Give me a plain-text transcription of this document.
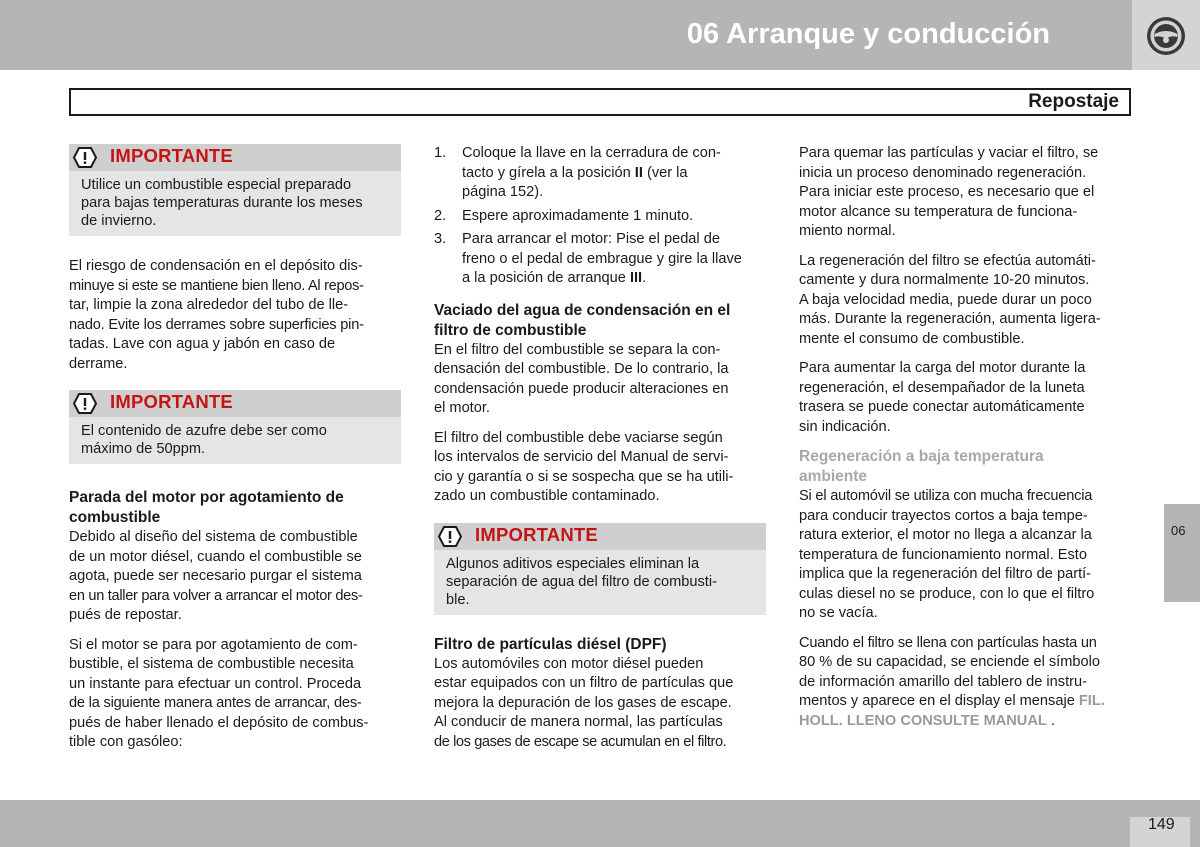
06 Arranque y conducción
Repostaje
IMPORTANTE
Utilice un combustible especial preparado
para bajas temperaturas durante los meses
de invierno.

El riesgo de condensación en el depósito dis-
minuye si este se mantiene bien lleno. Al repos-
tar, limpie la zona alrededor del tubo de lle-
nado. Evite los derrames sobre superficies pin-
tadas. Lave con agua y jabón en caso de
derrame.

IMPORTANTE
El contenido de azufre debe ser como
máximo de 50ppm.
Parada del motor por agotamiento de
combustible

Debido al diseño del sistema de combustible
de un motor diésel, cuando el combustible se
agota, puede ser necesario purgar el sistema
en un taller para volver a arrancar el motor des-
pués de repostar.

Si el motor se para por agotamiento de com-
bustible, el sistema de combustible necesita
un instante para efectuar un control. Proceda
de la siguiente manera antes de arrancar, des-
pués de haber llenado el depósito de combus-
tible con gasóleo:

1. Coloque la llave en la cerradura de con-
tacto y gírela a la posición II (ver la
página 152).
2. Espere aproximadamente 1 minuto.
3. Para arrancar el motor: Pise el pedal de
freno o el pedal de embrague y gire la llave
a la posición de arranque III.
Vaciado del agua de condensación en el
filtro de combustible

En el filtro del combustible se separa la con-
densación del combustible. De lo contrario, la
condensación puede producir alteraciones en
el motor.

El filtro del combustible debe vaciarse según
los intervalos de servicio del Manual de servi-
cio y garantía o si se sospecha que se ha utili-
zado un combustible contaminado.

IMPORTANTE
Algunos aditivos especiales eliminan la
separación de agua del filtro de combusti-
ble.
Filtro de partículas diésel (DPF)

Los automóviles con motor diésel pueden
estar equipados con un filtro de partículas que
mejora la depuración de los gases de escape.
Al conducir de manera normal, las partículas
de los gases de escape se acumulan en el filtro.

Para quemar las partículas y vaciar el filtro, se
inicia un proceso denominado regeneración.
Para iniciar este proceso, es necesario que el
motor alcance su temperatura de funciona-
miento normal.

La regeneración del filtro se efectúa automáti-
camente y dura normalmente 10-20 minutos.
A baja velocidad media, puede durar un poco
más. Durante la regeneración, aumenta ligera-
mente el consumo de combustible.

Para aumentar la carga del motor durante la
regeneración, el desempañador de la luneta
trasera se puede conectar automáticamente
sin indicación.

Regeneración a baja temperatura
ambiente

Si el automóvil se utiliza con mucha frecuencia
para conducir trayectos cortos a baja tempe-
ratura exterior, el motor no llega a alcanzar la
temperatura de funcionamiento normal. Esto
implica que la regeneración del filtro de partí-
culas diesel no se produce, con lo que el filtro
no se vacía.

Cuando el filtro se llena con partículas hasta un
80 % de su capacidad, se enciende el símbolo
de información amarillo del tablero de instru-
mentos y aparece en el display el mensaje FIL.
HOLL. LLENO CONSULTE MANUAL .

06
149
